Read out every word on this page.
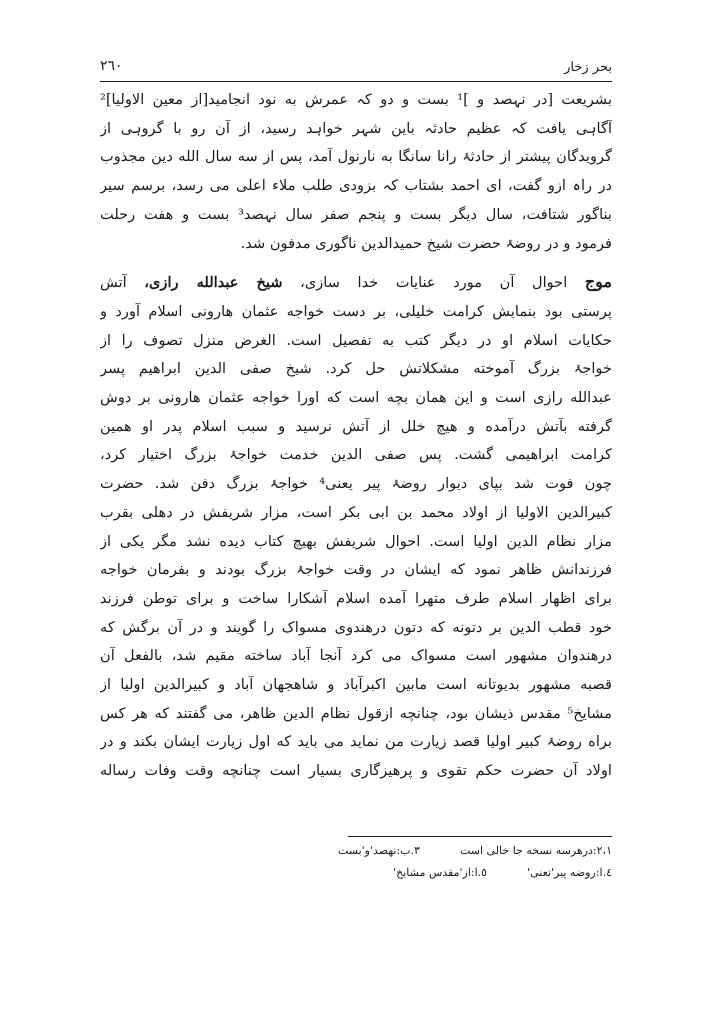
بحر زخار
۲٦۰
بشریعت [در نہصد و ]¹ بست و دو کہ عمرش به نود انجامید[از معین الاولیا]²
آگاہی یافت کہ عظیم حادثہ باین شہر خواہد رسید، از آن رو با گروہی از
گرویدگان پیشتر از حادثۂ رانا سانگا به نارنول آمد، پس از سه سال الله دین مجذوب
در راہ ازو گفت، ای احمد بشتاب کہ بزودی طلب ملاء اعلی می رسد، برسم سیر
بناگور شتافت، سال دیگر بست و پنجم صفر سال نہصد³ بست و هفت رحلت
فرمود و در روضۂ حضرت شیخ حمیدالدین ناگوری مدفون شد.
موج احوال آن مورد عنایات خدا سازی، شیخ عبدالله رازی، آتش
پرستی بود بنمایش کرامت خلیلی، بر دست خواجه عثمان هارونی اسلام آورد و
حکایات اسلام او در دیگر کتب به تفصیل است. الغرض منزل تصوف را از
خواجۂ بزرگ آموخته مشکلاتش حل کرد. شیخ صفی الدین ابراهیم پسر
عبدالله رازی است و این همان بچه است که اورا خواجه عثمان هارونی بر دوش
گرفته بآتش درآمده و هیچ خلل از آتش نرسید و سبب اسلام پدر او همین
کرامت ابراهیمی گشت. پس صفی الدین خدمت خواجۂ بزرگ اختیار کرد،
چون فوت شد بپای دیوار روضۂ پیر یعنی⁴ خواجۂ بزرگ دفن شد. حضرت
کبیرالدین الاولیا از اولاد محمد بن ابی بکر است، مزار شریفش در دهلی بقرب
مزار نظام الدین اولیا است. احوال شریفش بهیچ کتاب دیده نشد مگر یکی از
فرزندانش ظاهر نمود که ایشان در وقت خواجۂ بزرگ بودند و بفرمان خواجه
برای اظهار اسلام طرف متهرا آمده اسلام آشکارا ساخت و برای توطن فرزند
خود قطب الدین بر دتونه که دتون درهندوی مسواک را گویند و در آن برگش که
درهندوان مشهور است مسواک می کرد آنجا آباد ساخته مقیم شد، بالفعل آن
قصبه مشهور بدیوتانه است مابین اکبرآباد و شاهجهان آباد و کبیرالدین اولیا از
مشایخ⁵ مقدس ذیشان بود، چنانچه ازقول نظام الدین ظاهر، می گفتند که هر کس
براه روضۂ کبیر اولیا قصد زیارت من نماید می باید که اول زیارت ایشان بکند و در
اولاد آن حضرت حکم تقوی و پرهیزگاری بسیار است چنانچه وقت وفات رساله
۲،۱:درهرسه نسخه جا خالی است
۳.ب:نهصد'و'بست
٤.ا:روضه پیر'تعنی'
٥.ا:از'مقدس مشایخ'
